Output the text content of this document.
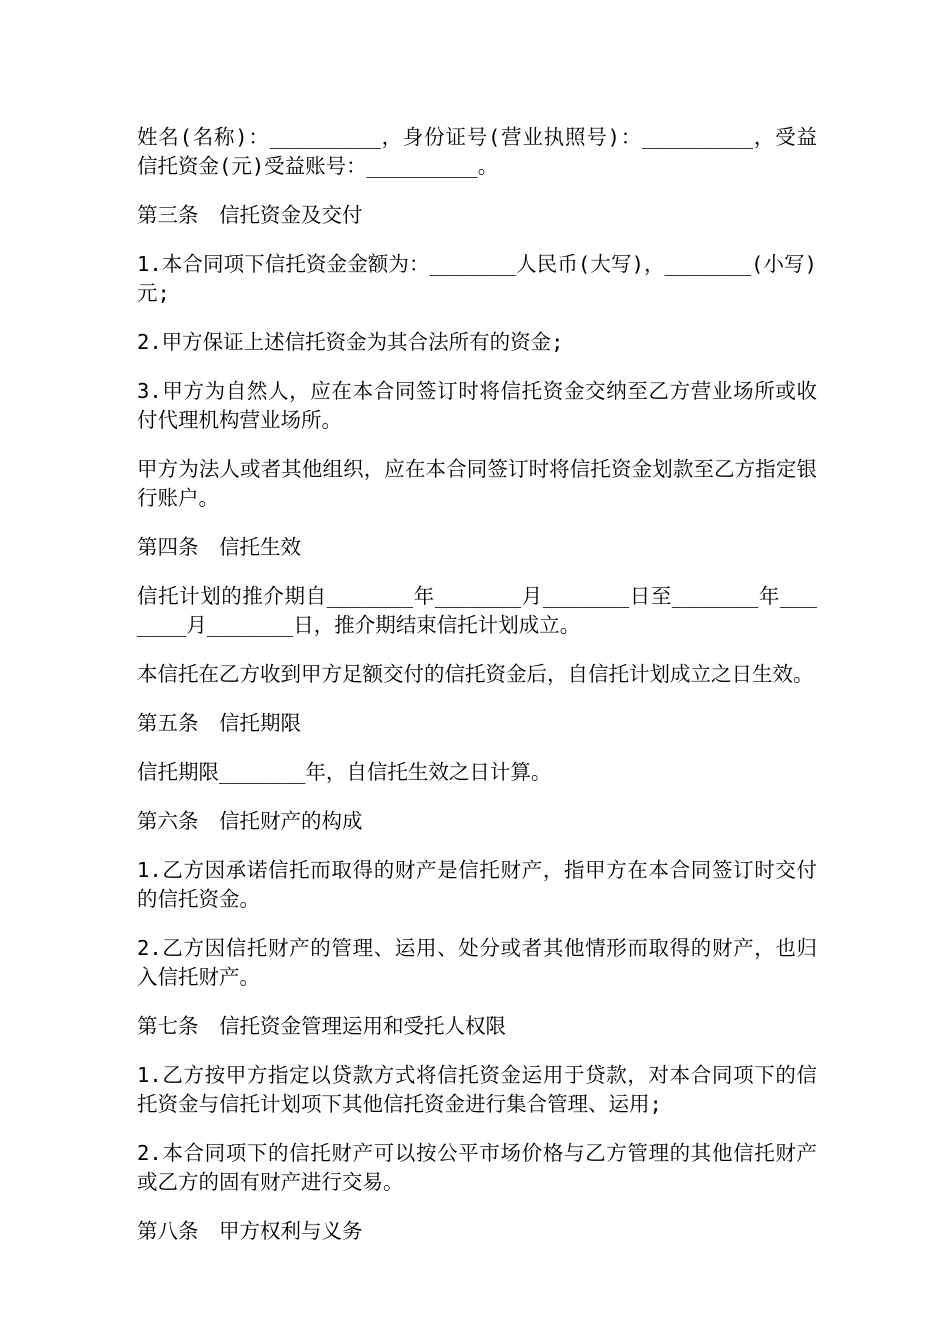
姓名(名称)：_________，身份证号(营业执照号)：_________，受益信托资金(元)受益账号：_________。

第三条　信托资金及交付

1.本合同项下信托资金金额为：_______人民币(大写)，_______(小写)元;

2.甲方保证上述信托资金为其合法所有的资金;

3.甲方为自然人，应在本合同签订时将信托资金交纳至乙方营业场所或收付代理机构营业场所。

甲方为法人或者其他组织，应在本合同签订时将信托资金划款至乙方指定银行账户。

第四条　信托生效

信托计划的推介期自_______年_______月_______日至_______年_______月_______日，推介期结束信托计划成立。

本信托在乙方收到甲方足额交付的信托资金后，自信托计划成立之日生效。

第五条　信托期限

信托期限_______年，自信托生效之日计算。

第六条　信托财产的构成

1.乙方因承诺信托而取得的财产是信托财产，指甲方在本合同签订时交付的信托资金。

2.乙方因信托财产的管理、运用、处分或者其他情形而取得的财产，也归入信托财产。

第七条　信托资金管理运用和受托人权限

1.乙方按甲方指定以贷款方式将信托资金运用于贷款，对本合同项下的信托资金与信托计划项下其他信托资金进行集合管理、运用;

2.本合同项下的信托财产可以按公平市场价格与乙方管理的其他信托财产或乙方的固有财产进行交易。

第八条　甲方权利与义务
